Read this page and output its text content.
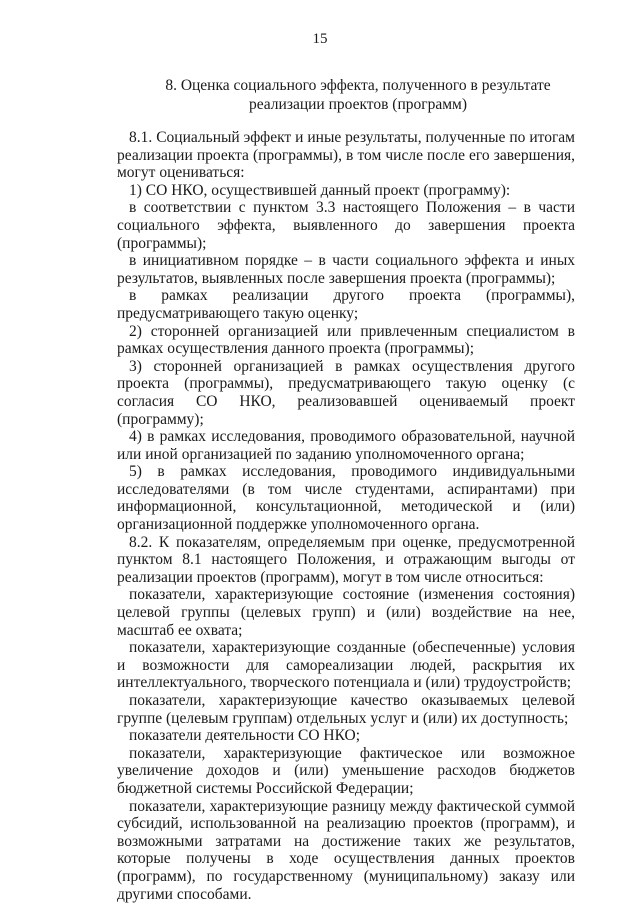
15
8. Оценка социального эффекта, полученного в результате
реализации проектов (программ)

8.1. Социальный эффект и иные результаты, полученные по итогам реализации проекта (программы), в том числе после его завершения, могут оцениваться:

1) СО НКО, осуществившей данный проект (программу):

в соответствии с пунктом 3.3 настоящего Положения – в части социального эффекта, выявленного до завершения проекта (программы);

в инициативном порядке – в части социального эффекта и иных результатов, выявленных после завершения проекта (программы);

в рамках реализации другого проекта (программы), предусматривающего такую оценку;

2) сторонней организацией или привлеченным специалистом в рамках осуществления данного проекта (программы);

3) сторонней организацией в рамках осуществления другого проекта (программы), предусматривающего такую оценку (с согласия СО НКО, реализовавшей оцениваемый проект (программу);

4) в рамках исследования, проводимого образовательной, научной или иной организацией по заданию уполномоченного органа;

5) в рамках исследования, проводимого индивидуальными исследователями (в том числе студентами, аспирантами) при информационной, консультационной, методической и (или) организационной поддержке уполномоченного органа.

8.2. К показателям, определяемым при оценке, предусмотренной пунктом 8.1 настоящего Положения, и отражающим выгоды от реализации проектов (программ), могут в том числе относиться:

показатели, характеризующие состояние (изменения состояния) целевой группы (целевых групп) и (или) воздействие на нее, масштаб ее охвата;

показатели, характеризующие созданные (обеспеченные) условия и возможности для самореализации людей, раскрытия их интеллектуального, творческого потенциала и (или) трудоустройств;

показатели, характеризующие качество оказываемых целевой группе (целевым группам) отдельных услуг и (или) их доступность;

показатели деятельности СО НКО;

показатели, характеризующие фактическое или возможное увеличение доходов и (или) уменьшение расходов бюджетов бюджетной системы Российской Федерации;

показатели, характеризующие разницу между фактической суммой субсидий, использованной на реализацию проектов (программ), и возможными затратами на достижение таких же результатов, которые получены в ходе осуществления данных проектов (программ), по государственному (муниципальному) заказу или другими способами.
